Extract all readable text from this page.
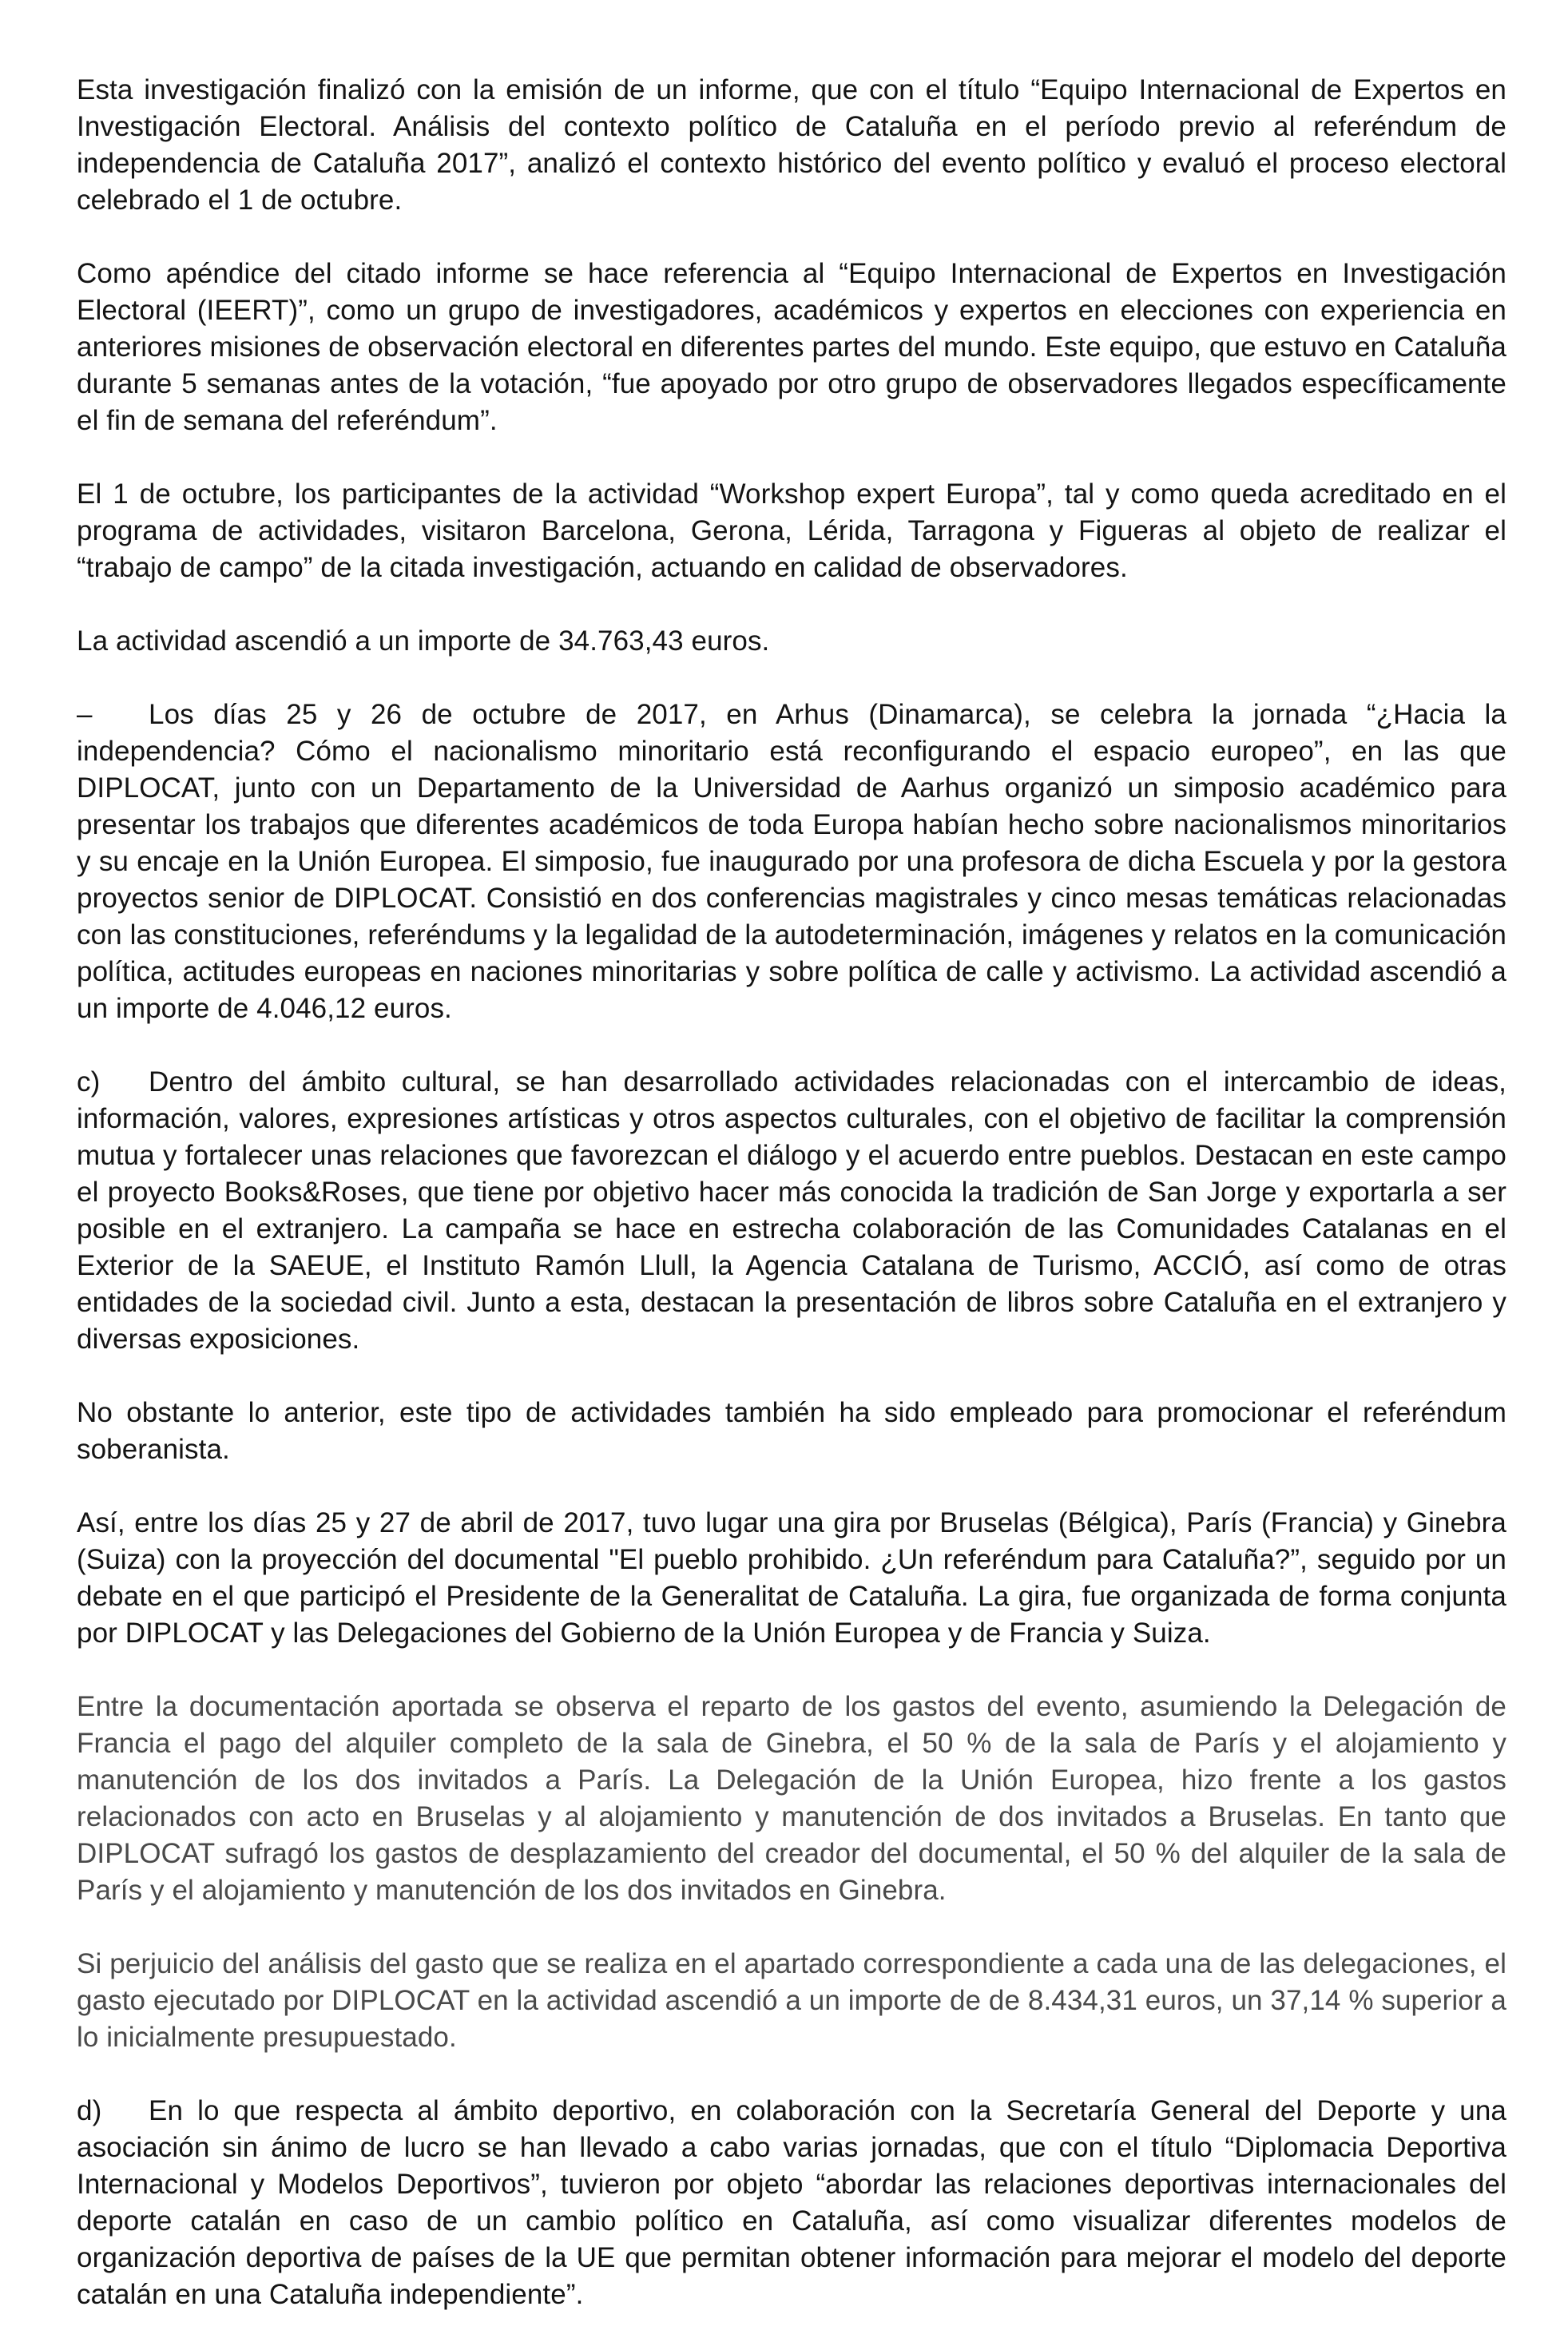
Esta investigación finalizó con la emisión de un informe, que con el título “Equipo Internacional de Expertos en Investigación Electoral. Análisis del contexto político de Cataluña en el período previo al referéndum de independencia de Cataluña 2017”, analizó el contexto histórico del evento político y evaluó el proceso electoral celebrado el 1 de octubre.

Como apéndice del citado informe se hace referencia al “Equipo Internacional de Expertos en Investigación Electoral (IEERT)”, como un grupo de investigadores, académicos y expertos en elecciones con experiencia en anteriores misiones de observación electoral en diferentes partes del mundo. Este equipo, que estuvo en Cataluña durante 5 semanas antes de la votación, “fue apoyado por otro grupo de observadores llegados específicamente el fin de semana del referéndum”.

El 1 de octubre, los participantes de la actividad “Workshop expert Europa”, tal y como queda acreditado en el programa de actividades, visitaron Barcelona, Gerona, Lérida, Tarragona y Figueras al objeto de realizar el “trabajo de campo” de la citada investigación, actuando en calidad de observadores.

La actividad ascendió a un importe de 34.763,43 euros.

– Los días 25 y 26 de octubre de 2017, en Arhus (Dinamarca), se celebra la jornada “¿Hacia la independencia? Cómo el nacionalismo minoritario está reconfigurando el espacio europeo”, en las que DIPLOCAT, junto con un Departamento de la Universidad de Aarhus organizó un simposio académico para presentar los trabajos que diferentes académicos de toda Europa habían hecho sobre nacionalismos minoritarios y su encaje en la Unión Europea. El simposio, fue inaugurado por una profesora de dicha Escuela y por la gestora proyectos senior de DIPLOCAT. Consistió en dos conferencias magistrales y cinco mesas temáticas relacionadas con las constituciones, referéndums y la legalidad de la autodeterminación, imágenes y relatos en la comunicación política, actitudes europeas en naciones minoritarias y sobre política de calle y activismo. La actividad ascendió a un importe de 4.046,12 euros.

c) Dentro del ámbito cultural, se han desarrollado actividades relacionadas con el intercambio de ideas, información, valores, expresiones artísticas y otros aspectos culturales, con el objetivo de facilitar la comprensión mutua y fortalecer unas relaciones que favorezcan el diálogo y el acuerdo entre pueblos. Destacan en este campo el proyecto Books&Roses, que tiene por objetivo hacer más conocida la tradición de San Jorge y exportarla a ser posible en el extranjero. La campaña se hace en estrecha colaboración de las Comunidades Catalanas en el Exterior de la SAEUE, el Instituto Ramón Llull, la Agencia Catalana de Turismo, ACCIÓ, así como de otras entidades de la sociedad civil. Junto a esta, destacan la presentación de libros sobre Cataluña en el extranjero y diversas exposiciones.

No obstante lo anterior, este tipo de actividades también ha sido empleado para promocionar el referéndum soberanista.

Así, entre los días 25 y 27 de abril de 2017, tuvo lugar una gira por Bruselas (Bélgica), París (Francia) y Ginebra (Suiza) con la proyección del documental "El pueblo prohibido. ¿Un referéndum para Cataluña?”, seguido por un debate en el que participó el Presidente de la Generalitat de Cataluña. La gira, fue organizada de forma conjunta por DIPLOCAT y las Delegaciones del Gobierno de la Unión Europea y de Francia y Suiza.

Entre la documentación aportada se observa el reparto de los gastos del evento, asumiendo la Delegación de Francia el pago del alquiler completo de la sala de Ginebra, el 50 % de la sala de París y el alojamiento y manutención de los dos invitados a París. La Delegación de la Unión Europea, hizo frente a los gastos relacionados con acto en Bruselas y al alojamiento y manutención de dos invitados a Bruselas. En tanto que DIPLOCAT sufragó los gastos de desplazamiento del creador del documental, el 50 % del alquiler de la sala de París y el alojamiento y manutención de los dos invitados en Ginebra.

Si perjuicio del análisis del gasto que se realiza en el apartado correspondiente a cada una de las delegaciones, el gasto ejecutado por DIPLOCAT en la actividad ascendió a un importe de de 8.434,31 euros, un 37,14 % superior a lo inicialmente presupuestado.

d) En lo que respecta al ámbito deportivo, en colaboración con la Secretaría General del Deporte y una asociación sin ánimo de lucro se han llevado a cabo varias jornadas, que con el título “Diplomacia Deportiva Internacional y Modelos Deportivos”, tuvieron por objeto “abordar las relaciones deportivas internacionales del deporte catalán en caso de un cambio político en Cataluña, así como visualizar diferentes modelos de organización deportiva de países de la UE que permitan obtener información para mejorar el modelo del deporte catalán en una Cataluña independiente”.
